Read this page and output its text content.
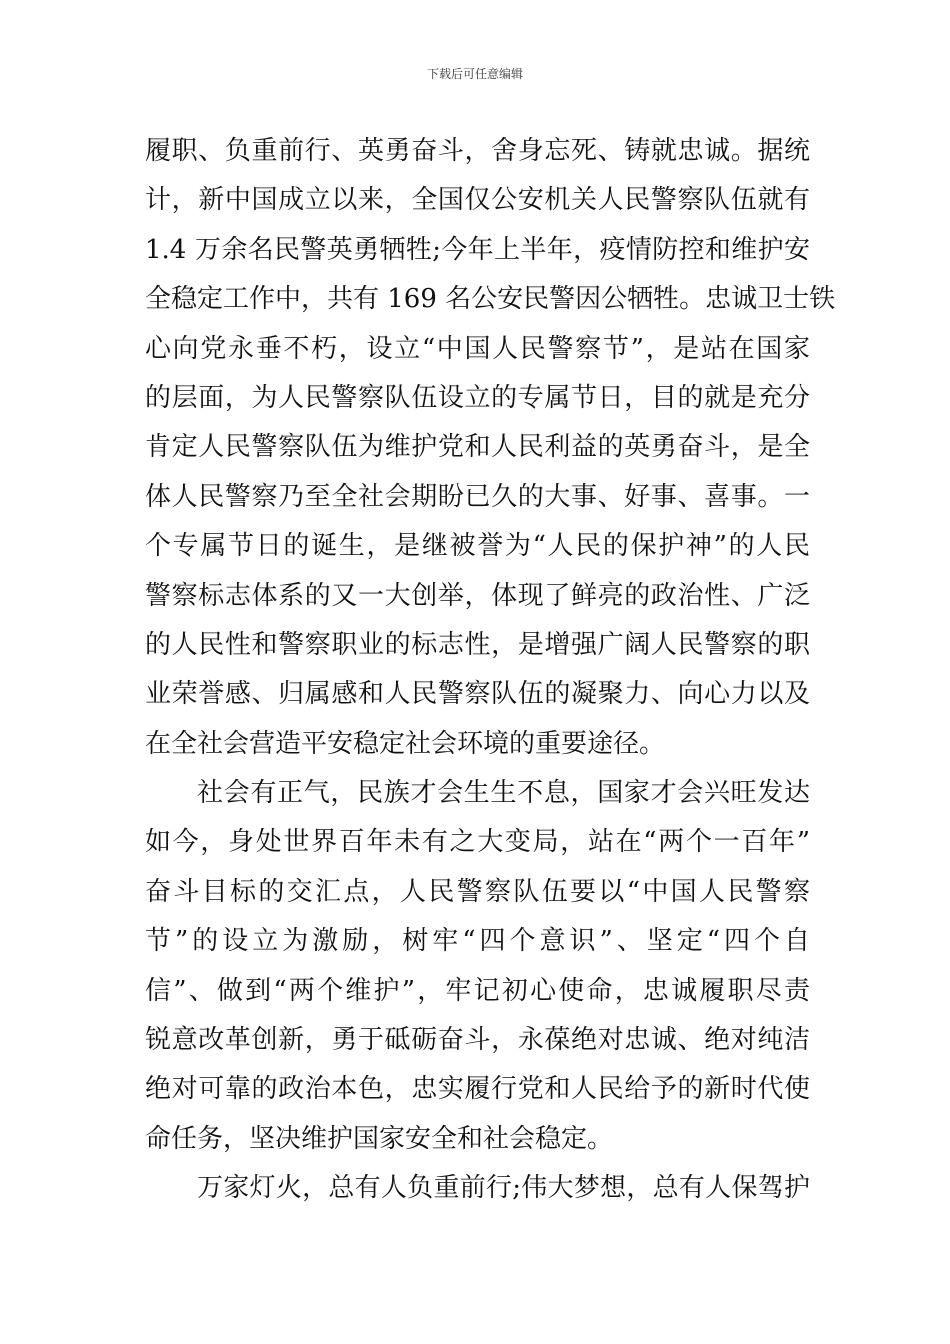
下载后可任意编辑
履职、负重前行、英勇奋斗，舍身忘死、铸就忠诚。据统
计，新中国成立以来，全国仅公安机关人民警察队伍就有
1.4 万余名民警英勇牺牲;今年上半年，疫情防控和维护安
全稳定工作中，共有 169 名公安民警因公牺牲。忠诚卫士铁
心向党永垂不朽，设立“中国人民警察节”，是站在国家
的层面，为人民警察队伍设立的专属节日，目的就是充分
肯定人民警察队伍为维护党和人民利益的英勇奋斗，是全
体人民警察乃至全社会期盼已久的大事、好事、喜事。一
个专属节日的诞生，是继被誉为“人民的保护神”的人民
警察标志体系的又一大创举，体现了鲜亮的政治性、广泛
的人民性和警察职业的标志性，是增强广阔人民警察的职
业荣誉感、归属感和人民警察队伍的凝聚力、向心力以及
在全社会营造平安稳定社会环境的重要途径。
社会有正气，民族才会生生不息，国家才会兴旺发达
如今，身处世界百年未有之大变局，站在“两个一百年”
奋斗目标的交汇点，人民警察队伍要以“中国人民警察
节”的设立为激励，树牢“四个意识”、坚定“四个自
信”、做到“两个维护”，牢记初心使命，忠诚履职尽责
锐意改革创新，勇于砥砺奋斗，永葆绝对忠诚、绝对纯洁
绝对可靠的政治本色，忠实履行党和人民给予的新时代使
命任务，坚决维护国家安全和社会稳定。
万家灯火，总有人负重前行;伟大梦想，总有人保驾护
